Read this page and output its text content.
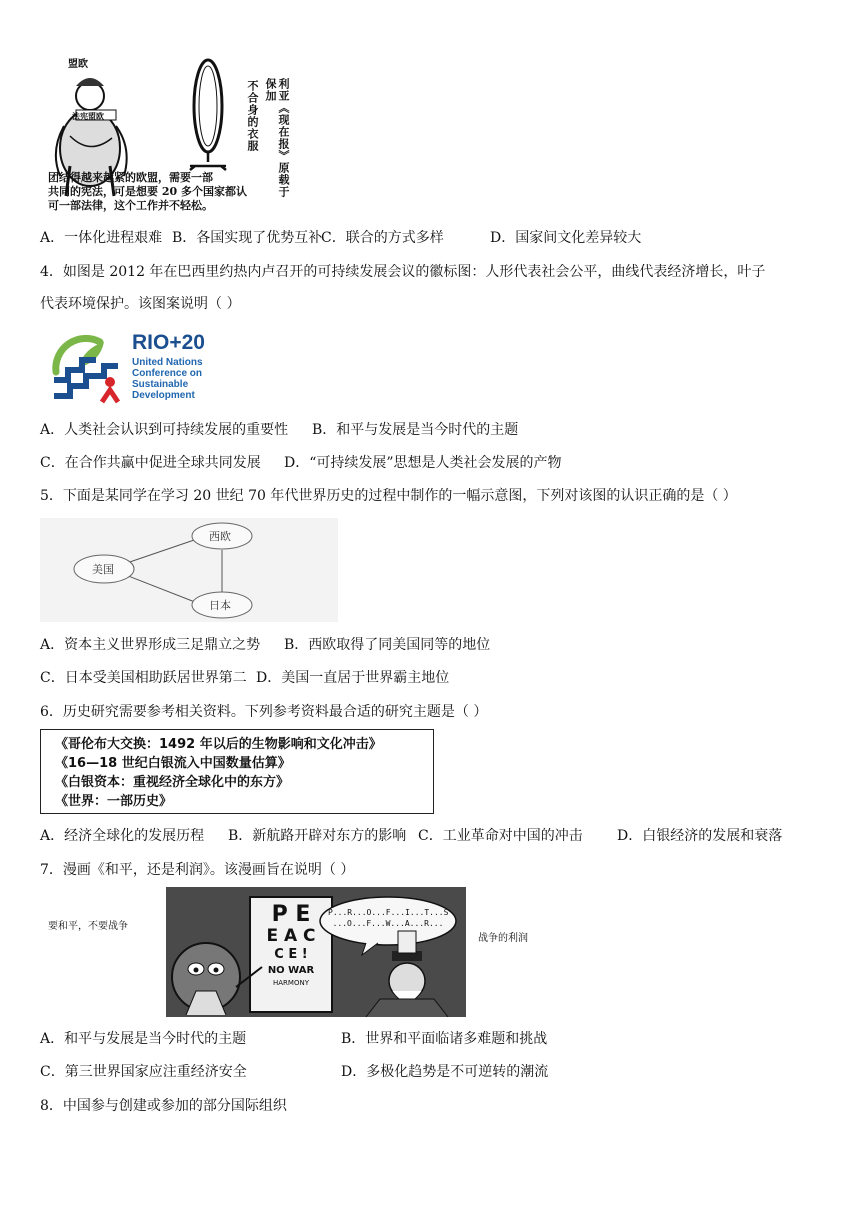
盟欧
法宪盟欧	不合身的衣服	利亚《现在报》原载于保加
团结得越来越紧的欧盟，需要一部
共同的宪法，可是想要 20 多个国家都认
可一部法律，这个工作并不轻松。
A．一体化进程艰难 B．各国实现了优势互补
C．联合的方式多样	D．国家间文化差异较大
4．如图是 2012 年在巴西里约热内卢召开的可持续发展会议的徽标图：人形代表社会公平，曲线代表经济增长，叶子
代表环境保护。该图案说明（ ）
RIO+20
United Nations
Conference on
Sustainable
Development
A．人类社会认识到可持续发展的重要性 B．和平与发展是当今时代的主题
C．在合作共赢中促进全球共同发展 D．“可持续发展”思想是人类社会发展的产物
5．下面是某同学在学习 20 世纪 70 年代世界历史的过程中制作的一幅示意图，下列对该图的认识正确的是（ ）
西欧
美国
日本
A．资本主义世界形成三足鼎立之势 B．西欧取得了同美国同等的地位
C．日本受美国相助跃居世界第二 D．美国一直居于世界霸主地位
6．历史研究需要参考相关资料。下列参考资料最合适的研究主题是（ ）
《哥伦布大交换：1492 年以后的生物影响和文化冲击》
《16—18 世纪白银流入中国数量估算》
《白银资本：重视经济全球化中的东方》
《世界：一部历史》
A．经济全球化的发展历程 B．新航路开辟对东方的影响 C．工业革命对中国的冲击 D．白银经济的发展和衰落
7．漫画《和平，还是利润》。该漫画旨在说明（ ）
要和平，不要战争
战争的利润
P E
E A C
C E !
NO WAR
HARMONY
P...R...O...F...I...T...S
...O...F...W...A...R...
A．和平与发展是当今时代的主题	B．世界和平面临诸多难题和挑战
C．第三世界国家应注重经济安全	D．多极化趋势是不可逆转的潮流
8．中国参与创建或参加的部分国际组织
